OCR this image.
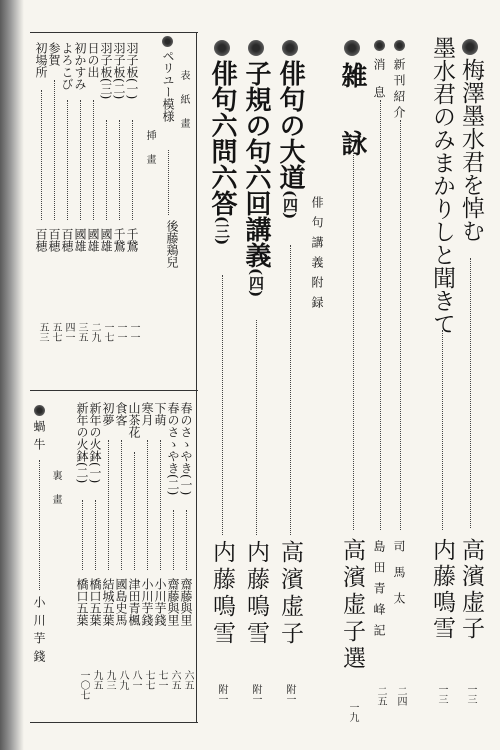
梅澤墨水君を悼む
墨水君のみまかりしと聞きて
高濱虚子
内藤鳴雪
一三
一三
雑詠
高濱虚子選
一九
新刊紹介
消息
司馬太
島田青峰記
二四
二五
俳句講義附録
俳句の大道(四)
子規の句六回講義(四)
俳句六問六答(三)
高濱虚子
内藤鳴雪
内藤鳴雪
附一
附一
附一
表紙畫
後藤鶏兒
ペリユー模様
挿畫
羽子板(一)
羽子板(二)
羽子板(三)
日の出
初かすみ
よろこび
参賀
初場所
千鵞
千鵞
國雄
國雄
國雄
百穂
百穂
百穂
一一
一一
一七
二九
三五
四一
五七
五三
春のさゝやき(一)
春のさゝやき(二)
下萌
寒月
山茶花
食客
初夢
新年の火鉢(一)
新年の火鉢(二)
齋藤與里
齋藤與里
小川芋錢
小川芋錢
津田青楓
國島史馬
結城五葉
橋口五葉
橋口五葉
六五
六五
七一
七七
八一
八九
九三
九五
一〇七
裏畫
蝸牛
小川芋錢
